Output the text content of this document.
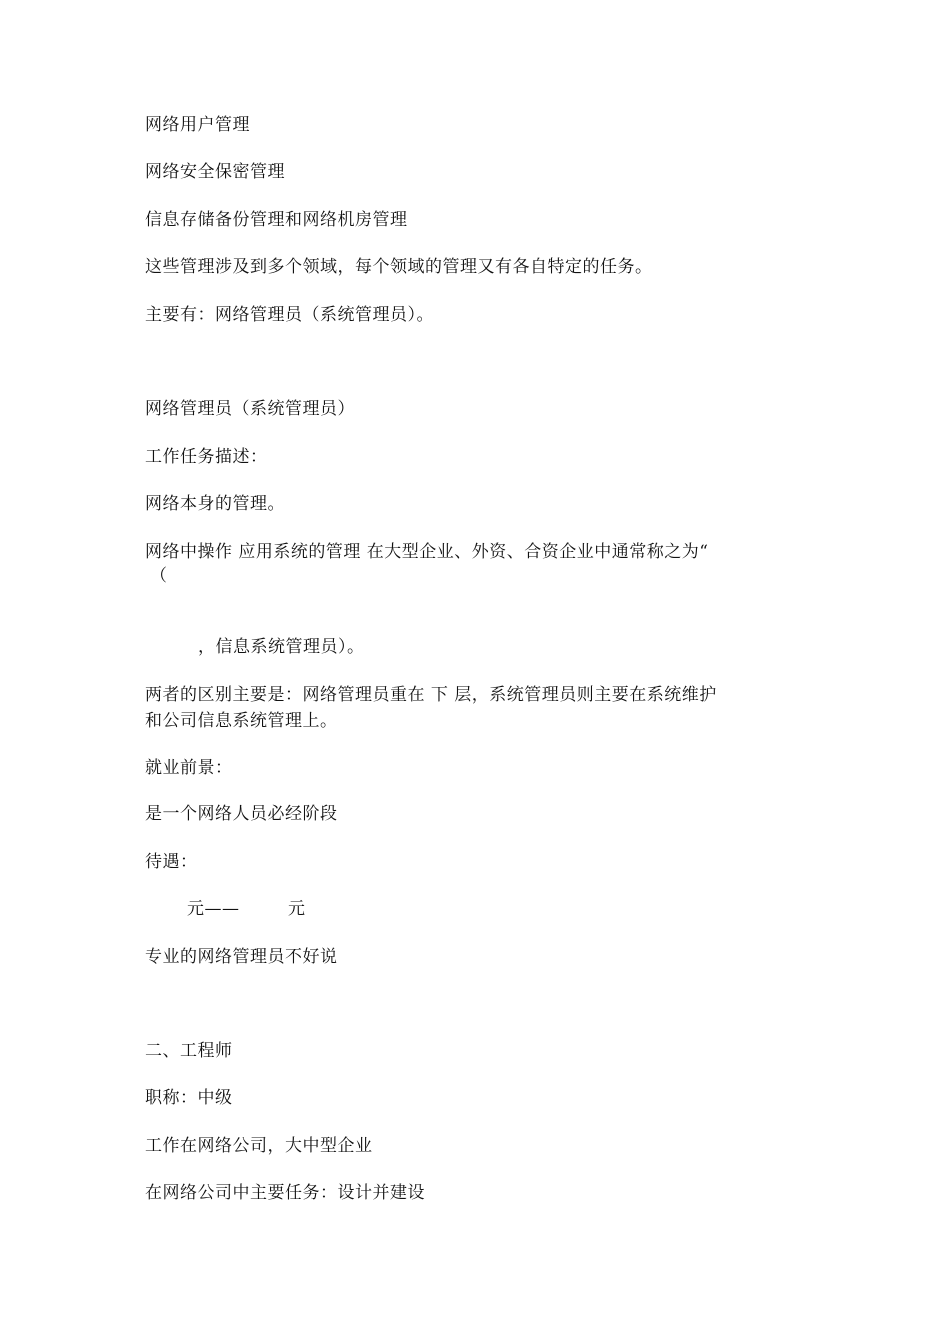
网络用户管理
网络安全保密管理
信息存储备份管理和网络机房管理
这些管理涉及到多个领域，每个领域的管理又有各自特定的任务。
主要有：网络管理员（系统管理员）。
网络管理员（系统管理员）
工作任务描述：
网络本身的管理。
网络中操作 应用系统的管理 在大型企业、外资、合资企业中通常称之为“
（
，信息系统管理员）。
两者的区别主要是：网络管理员重在 下 层，系统管理员则主要在系统维护
和公司信息系统管理上。
就业前景：
是一个网络人员必经阶段
待遇：
元——	元
专业的网络管理员不好说
二、工程师
职称：中级
工作在网络公司，大中型企业
在网络公司中主要任务：设计并建设
